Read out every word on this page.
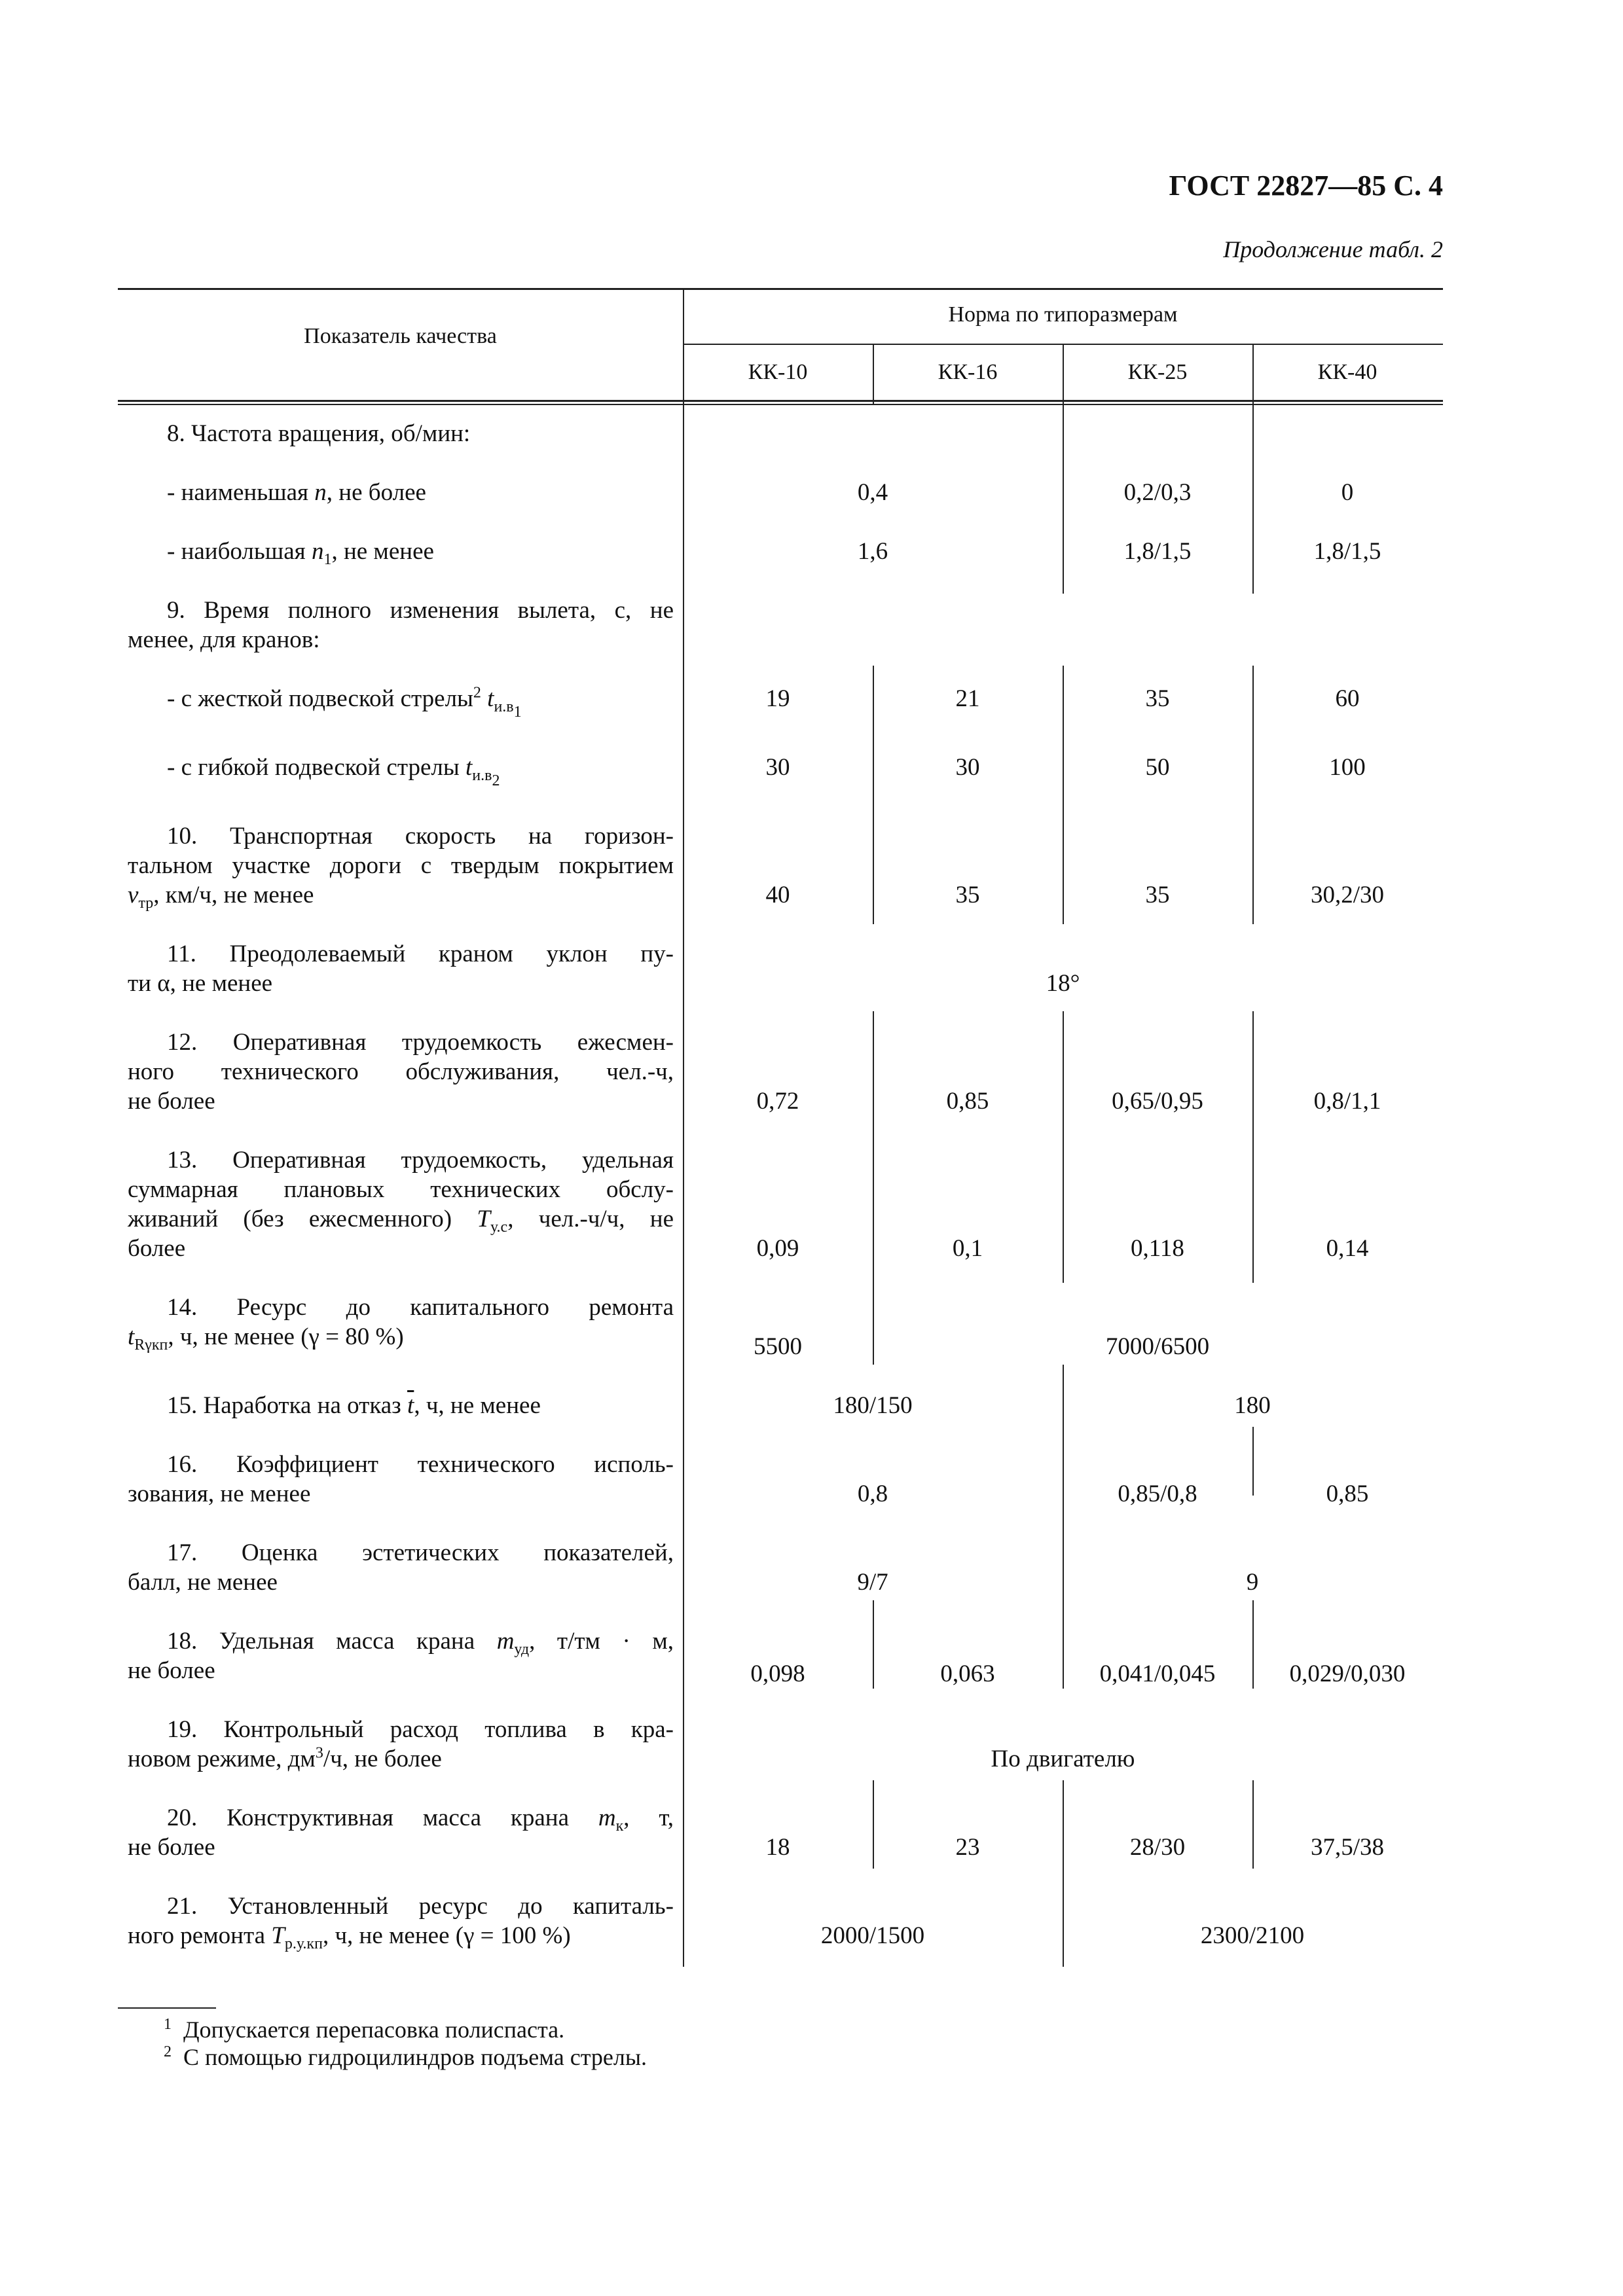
ГОСТ 22827—85 С. 4
Продолжение табл. 2
Показатель качества
Норма по типоразмерам
КК-10	КК-16	КК-25	КК-40
8. Частота вращения, об/мин:
- наименьшая n, не более	0,4	0,2/0,3	0
- наибольшая $n_1$, не менее	1,6	1,8/1,5	1,8/1,5
9. Время полного изменения вылета, с, не
менее, для кранов:
- с жесткой подвеской стрелы$^2$ $t_{и.в_1}$	19	21	35	60
- с гибкой подвеской стрелы $t_{и.в_2}$	30	30	50	100
10. Транспортная скорость на горизон-
тальном участке дороги с твердым покрытием
$v_{тр}$, км/ч, не менее	40	35	35	30,2/30
11. Преодолеваемый краном уклон пу-
ти α, не менее	18°
12. Оперативная трудоемкость ежесмен-
ного технического обслуживания, чел.-ч,
не более	0,72	0,85	0,65/0,95	0,8/1,1
13. Оперативная трудоемкость, удельная
суммарная плановых технических обслу-
живаний (без ежесменного) $T_{у.с}$, чел.-ч/ч, не
более	0,09	0,1	0,118	0,14
14. Ресурс до капитального ремонта
$t_{R\gamma кп}$, ч, не менее (γ = 80 %)	5500	7000/6500
15. Наработка на отказ $\overline{t}$, ч, не менее	180/150	180
16. Коэффициент технического исполь-
зования, не менее	0,8	0,85/0,8	0,85
17. Оценка эстетических показателей,
балл, не менее	9/7	9
18. Удельная масса крана $m_{уд}$, т/тм · м,
не более	0,098	0,063	0,041/0,045	0,029/0,030
19. Контрольный расход топлива в кра-
новом режиме, $дм^3/ч$, не более	По двигателю
20. Конструктивная масса крана $m_к$, т,
не более	18	23	28/30	37,5/38
21. Установленный ресурс до капиталь-
ного ремонта $T_{р.у.кп}$, ч, не менее (γ = 100 %)	2000/1500	2300/2100
1 Допускается перепасовка полиспаста.
2 С помощью гидроцилиндров подъема стрелы.
